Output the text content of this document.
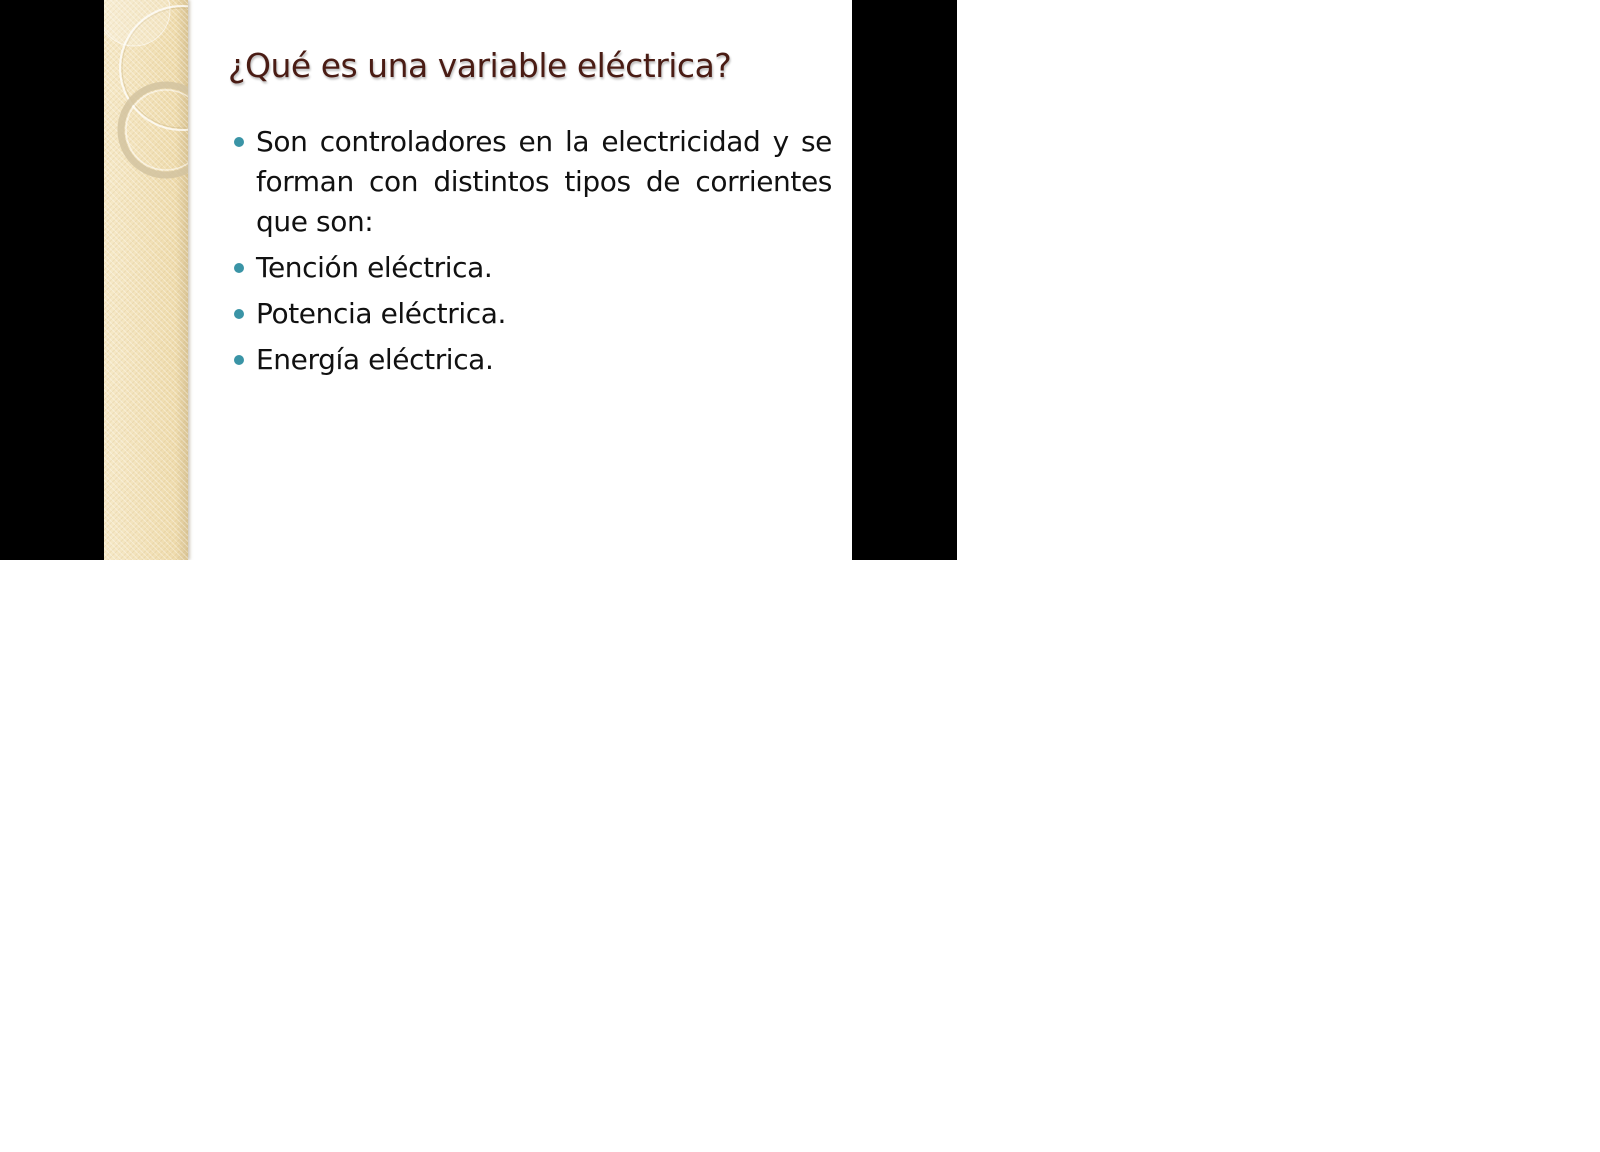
¿Qué es una variable eléctrica?
Son controladores en la electricidad y se forman con distintos tipos de corrientes que son:
Tención eléctrica.
Potencia eléctrica.
Energía eléctrica.
